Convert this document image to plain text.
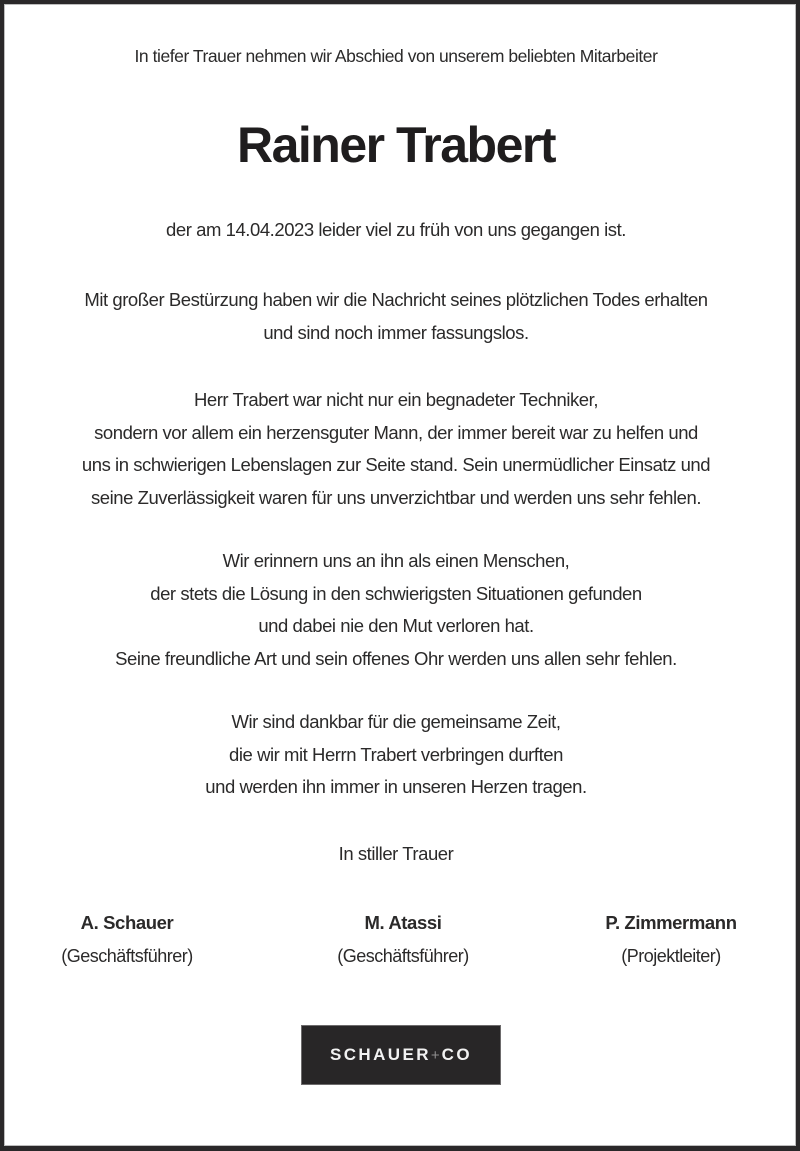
In tiefer Trauer nehmen wir Abschied von unserem beliebten Mitarbeiter
Rainer Trabert
der am 14.04.2023 leider viel zu früh von uns gegangen ist.
Mit großer Bestürzung haben wir die Nachricht seines plötzlichen Todes erhalten
und sind noch immer fassungslos.
Herr Trabert war nicht nur ein begnadeter Techniker,
sondern vor allem ein herzensguter Mann, der immer bereit war zu helfen und
uns in schwierigen Lebenslagen zur Seite stand. Sein unermüdlicher Einsatz und
seine Zuverlässigkeit waren für uns unverzichtbar und werden uns sehr fehlen.
Wir erinnern uns an ihn als einen Menschen,
der stets die Lösung in den schwierigsten Situationen gefunden
und dabei nie den Mut verloren hat.
Seine freundliche Art und sein offenes Ohr werden uns allen sehr fehlen.
Wir sind dankbar für die gemeinsame Zeit,
die wir mit Herrn Trabert verbringen durften
und werden ihn immer in unseren Herzen tragen.
In stiller Trauer
A. Schauer
(Geschäftsführer)
M. Atassi
(Geschäftsführer)
P. Zimmermann
(Projektleiter)
SCHAUER + CO
